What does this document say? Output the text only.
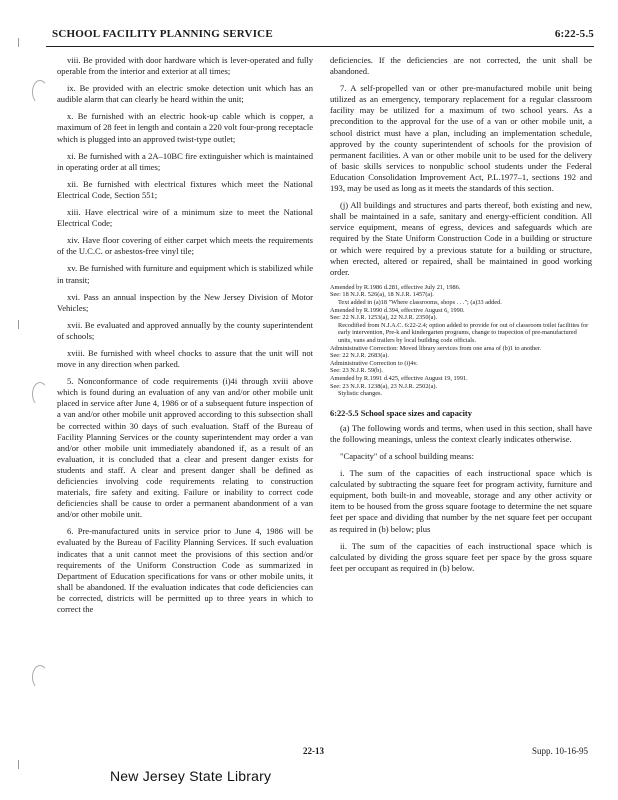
SCHOOL FACILITY PLANNING SERVICE	6:22-5.5

viii. Be provided with door hardware which is lever-operated and fully operable from the interior and exterior at all times;

ix. Be provided with an electric smoke detection unit which has an audible alarm that can clearly be heard within the unit;

x. Be furnished with an electric hook-up cable which is copper, a maximum of 28 feet in length and contain a 220 volt four-prong receptacle which is plugged into an approved twist-type outlet;

xi. Be furnished with a 2A–10BC fire extinguisher which is maintained in operating order at all times;

xii. Be furnished with electrical fixtures which meet the National Electrical Code, Section 551;

xiii. Have electrical wire of a minimum size to meet the National Electrical Code;

xiv. Have floor covering of either carpet which meets the requirements of the U.C.C. or asbestos-free vinyl tile;

xv. Be furnished with furniture and equipment which is stabilized while in transit;

xvi. Pass an annual inspection by the New Jersey Division of Motor Vehicles;

xvii. Be evaluated and approved annually by the county superintendent of schools;

xviii. Be furnished with wheel chocks to assure that the unit will not move in any direction when parked.

5. Nonconformance of code requirements (i)4i through xviii above which is found during an evaluation of any van and/or other mobile unit placed in service after June 4, 1986 or of a subsequent future inspection of a van and/or other mobile unit approved according to this subsection shall be corrected within 30 days of such evaluation. Staff of the Bureau of Facility Planning Services or the county superintendent may order a van and/or other mobile unit immediately abandoned if, as a result of an evaluation, it is concluded that a clear and present danger exists for students and staff. A clear and present danger shall be defined as deficiencies involving code requirements relating to construction materials, fire safety and exiting. Failure or inability to correct code deficiencies shall be cause to order a permanent abandonment of a van and/or other mobile unit.

6. Pre-manufactured units in service prior to June 4, 1986 will be evaluated by the Bureau of Facility Planning Services. If such evaluation indicates that a unit cannot meet the provisions of this section and/or requirements of the Uniform Construction Code as summarized in Department of Education specifications for vans or other mobile units, it shall be abandoned. If the evaluation indicates that code deficiencies can be corrected, districts will be permitted up to three years in which to correct the

deficiencies. If the deficiencies are not corrected, the unit shall be abandoned.

7. A self-propelled van or other pre-manufactured mobile unit being utilized as an emergency, temporary replacement for a regular classroom facility may be utilized for a maximum of two school years. As a precondition to the approval for the use of a van or other mobile unit, a school district must have a plan, including an implementation schedule, approved by the county superintendent of schools for the provision of permanent facilities. A van or other mobile unit to be used for the delivery of basic skills services to nonpublic school students under the Federal Education Consolidation Improvement Act, P.L.1977–1, sections 192 and 193, may be used as long as it meets the standards of this section.

(j) All buildings and structures and parts thereof, both existing and new, shall be maintained in a safe, sanitary and energy-efficient condition. All service equipment, means of egress, devices and safeguards which are required by the State Uniform Construction Code in a building or structure or which were required by a previous statute for a building or structure, when erected, altered or repaired, shall be maintained in good working order.

Amended by R.1986 d.281, effective July 21, 1986.
See: 18 N.J.R. 526(a), 18 N.J.R. 1457(a).
Text added in (a)18 "Where classrooms, shops . . ."; (a)33 added.
Amended by R.1990 d.394, effective August 6, 1990.
See: 22 N.J.R. 1253(a), 22 N.J.R. 2350(a).
Recodified from N.J.A.C. 6:22-2.4; option added to provide for out of classroom toilet facilities for early intervention, Pre-k and kindergarten programs, change to inspection of pre-manufactured units, vans and trailers by local building code officials.
Administrative Correction: Moved library services from one area of (b)1 to another.
See: 22 N.J.R. 2683(a).
Administrative Correction to (i)4v.
See: 23 N.J.R. 59(b).
Amended by R.1991 d.425, effective August 19, 1991.
See: 23 N.J.R. 1238(a), 23 N.J.R. 2502(a).
Stylistic changes.
6:22-5.5 School space sizes and capacity

(a) The following words and terms, when used in this section, shall have the following meanings, unless the context clearly indicates otherwise.

"Capacity" of a school building means:

i. The sum of the capacities of each instructional space which is calculated by subtracting the square feet for program activity, furniture and equipment, both built-in and moveable, storage and any other activity or item to be housed from the gross square footage to determine the net square feet per space and dividing that number by the net square feet per occupant as required in (b) below; plus

ii. The sum of the capacities of each instructional space which is calculated by dividing the gross square feet per space by the gross square feet per occupant as required in (b) below.

22-13	Supp. 10-16-95
New Jersey State Library
